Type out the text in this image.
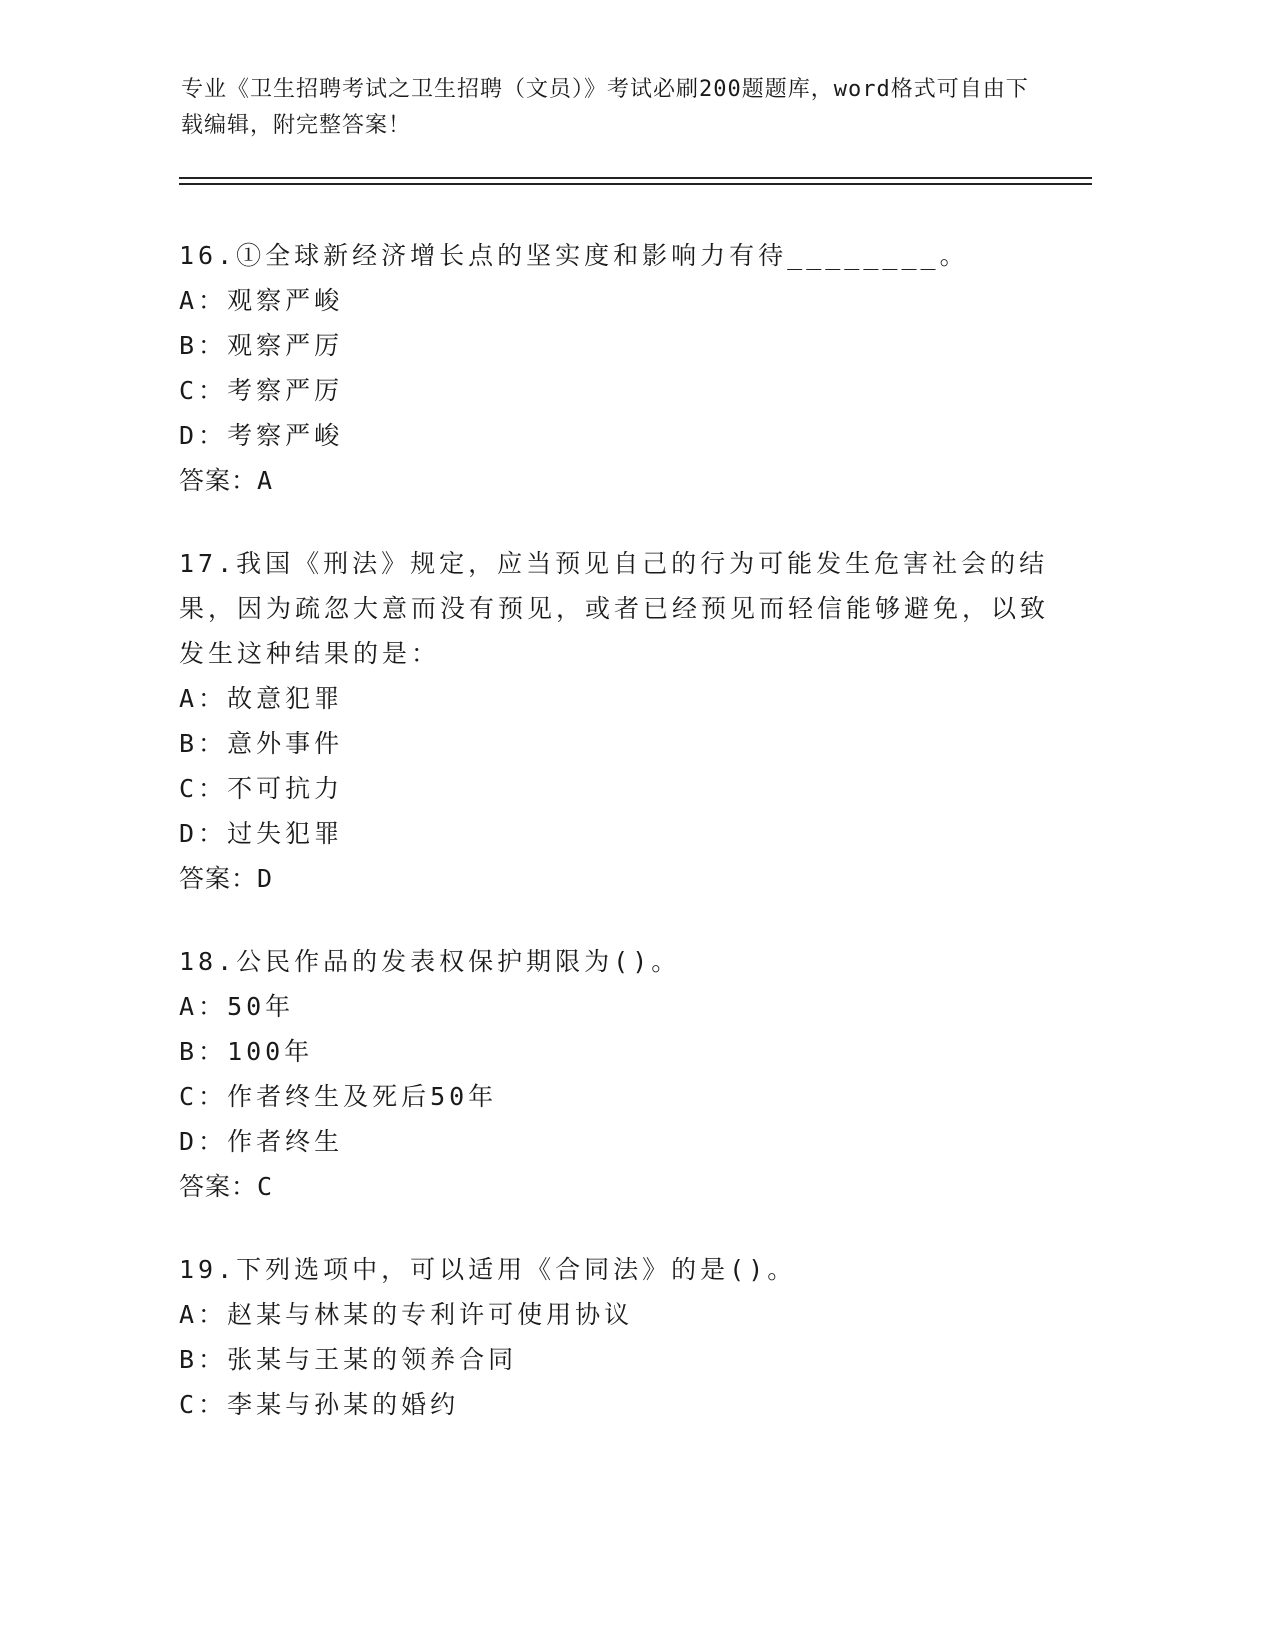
专业《卫生招聘考试之卫生招聘（文员）》考试必刷200题题库，word格式可自由下载编辑，附完整答案！
16.①全球新经济增长点的坚实度和影响力有待________。
A：观察严峻
B：观察严厉
C：考察严厉
D：考察严峻
答案：A
17.我国《刑法》规定，应当预见自己的行为可能发生危害社会的结果，因为疏忽大意而没有预见，或者已经预见而轻信能够避免，以致发生这种结果的是：
A：故意犯罪
B：意外事件
C：不可抗力
D：过失犯罪
答案：D
18.公民作品的发表权保护期限为()。
A：50年
B：100年
C：作者终生及死后50年
D：作者终生
答案：C
19.下列选项中，可以适用《合同法》的是()。
A：赵某与林某的专利许可使用协议
B：张某与王某的领养合同
C：李某与孙某的婚约
